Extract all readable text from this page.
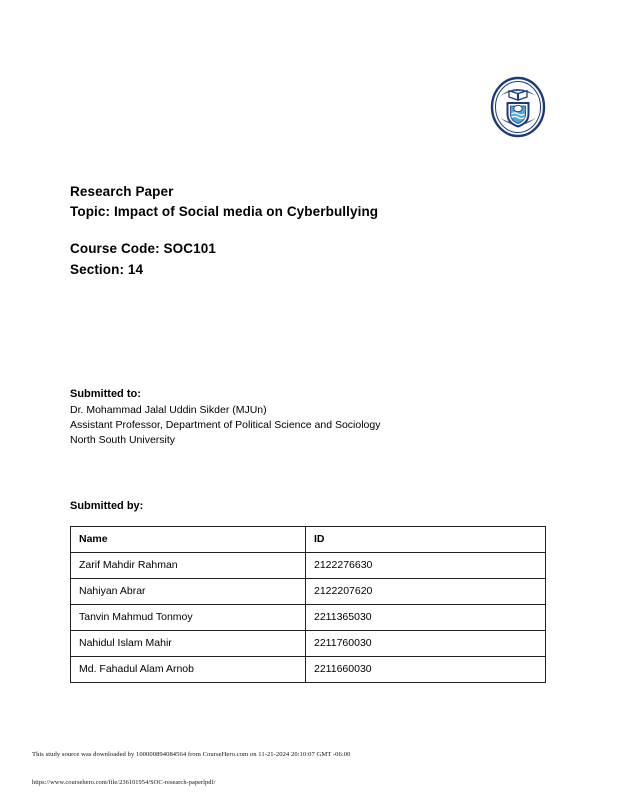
Research Paper
Topic: Impact of Social media on Cyberbullying
Course Code: SOC101
Section: 14
Submitted to:
Dr. Mohammad Jalal Uddin Sikder (MJUn)
Assistant Professor, Department of Political Science and Sociology
North South University
Submitted by:
Name	ID
Zarif Mahdir Rahman	2122276630
Nahiyan Abrar	2122207620
Tanvin Mahmud Tonmoy	2211365030
Nahidul Islam Mahir	2211760030
Md. Fahadul Alam Arnob	2211660030
This study source was downloaded by 100000894084564 from CourseHero.com on 11-21-2024 20:10:07 GMT -06:00
https://www.coursehero.com/file/236101954/SOC-research-paperlpdf/
